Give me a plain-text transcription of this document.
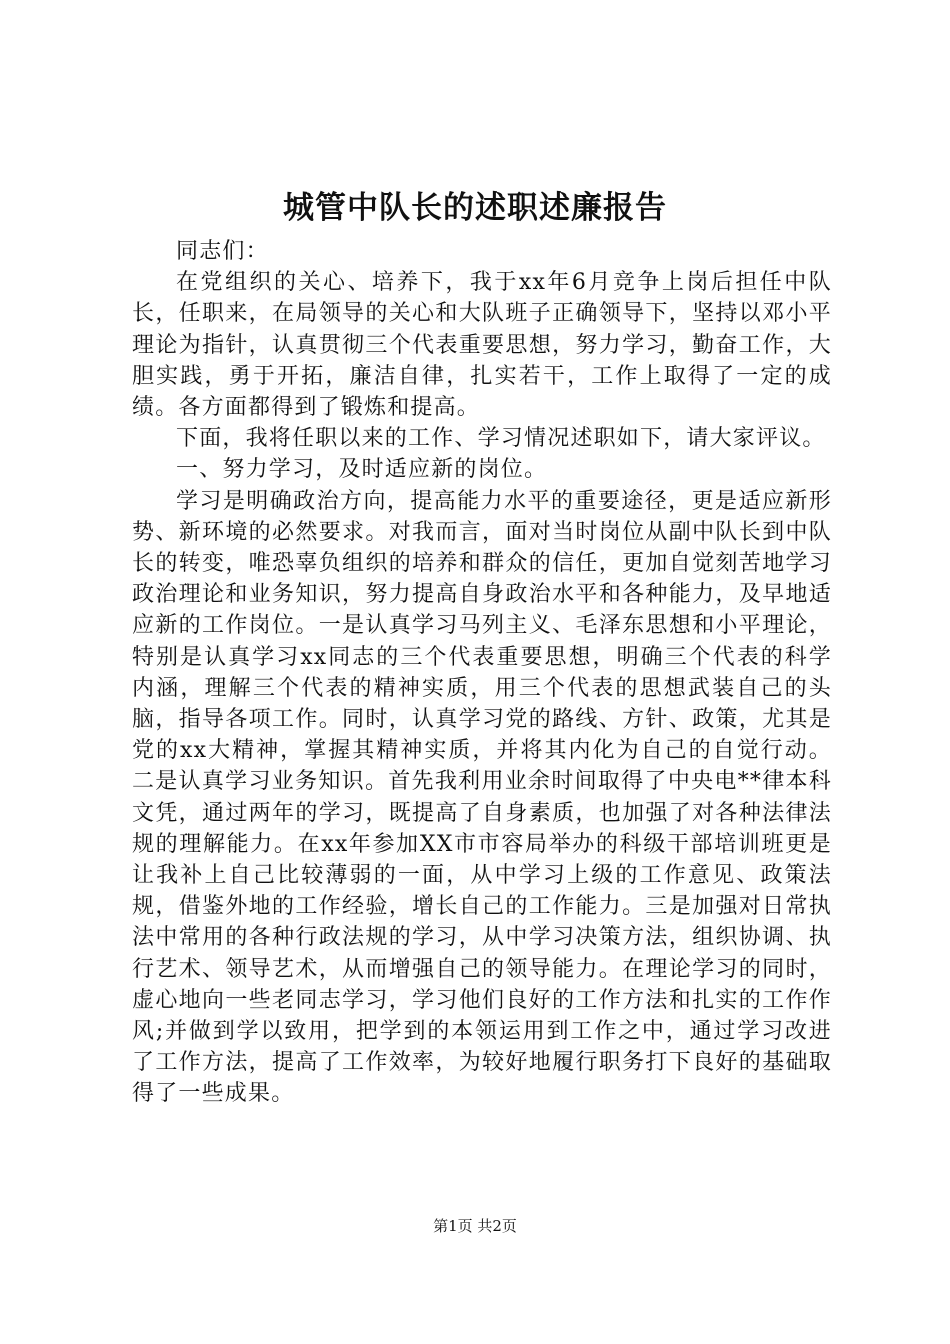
城管中队长的述职述廉报告

同志们：

在党组织的关心、培养下，我于xx年6月竞争上岗后担任中队长，任职来，在局领导的关心和大队班子正确领导下，坚持以邓小平理论为指针，认真贯彻三个代表重要思想，努力学习，勤奋工作，大胆实践，勇于开拓，廉洁自律，扎实若干，工作上取得了一定的成绩。各方面都得到了锻炼和提高。

下面，我将任职以来的工作、学习情况述职如下，请大家评议。

一、努力学习，及时适应新的岗位。

学习是明确政治方向，提高能力水平的重要途径，更是适应新形势、新环境的必然要求。对我而言，面对当时岗位从副中队长到中队长的转变，唯恐辜负组织的培养和群众的信任，更加自觉刻苦地学习政治理论和业务知识，努力提高自身政治水平和各种能力，及早地适应新的工作岗位。一是认真学习马列主义、毛泽东思想和小平理论，特别是认真学习xx同志的三个代表重要思想，明确三个代表的科学内涵，理解三个代表的精神实质，用三个代表的思想武装自己的头脑，指导各项工作。同时，认真学习党的路线、方针、政策，尤其是党的xx大精神，掌握其精神实质，并将其内化为自己的自觉行动。二是认真学习业务知识。首先我利用业余时间取得了中央电**律本科文凭，通过两年的学习，既提高了自身素质，也加强了对各种法律法规的理解能力。在xx年参加XX市市容局举办的科级干部培训班更是让我补上自己比较薄弱的一面，从中学习上级的工作意见、政策法规，借鉴外地的工作经验，增长自己的工作能力。三是加强对日常执法中常用的各种行政法规的学习，从中学习决策方法，组织协调、执行艺术、领导艺术，从而增强自己的领导能力。在理论学习的同时，虚心地向一些老同志学习，学习他们良好的工作方法和扎实的工作作风;并做到学以致用，把学到的本领运用到工作之中，通过学习改进了工作方法，提高了工作效率，为较好地履行职务打下良好的基础取得了一些成果。

第1页 共2页
